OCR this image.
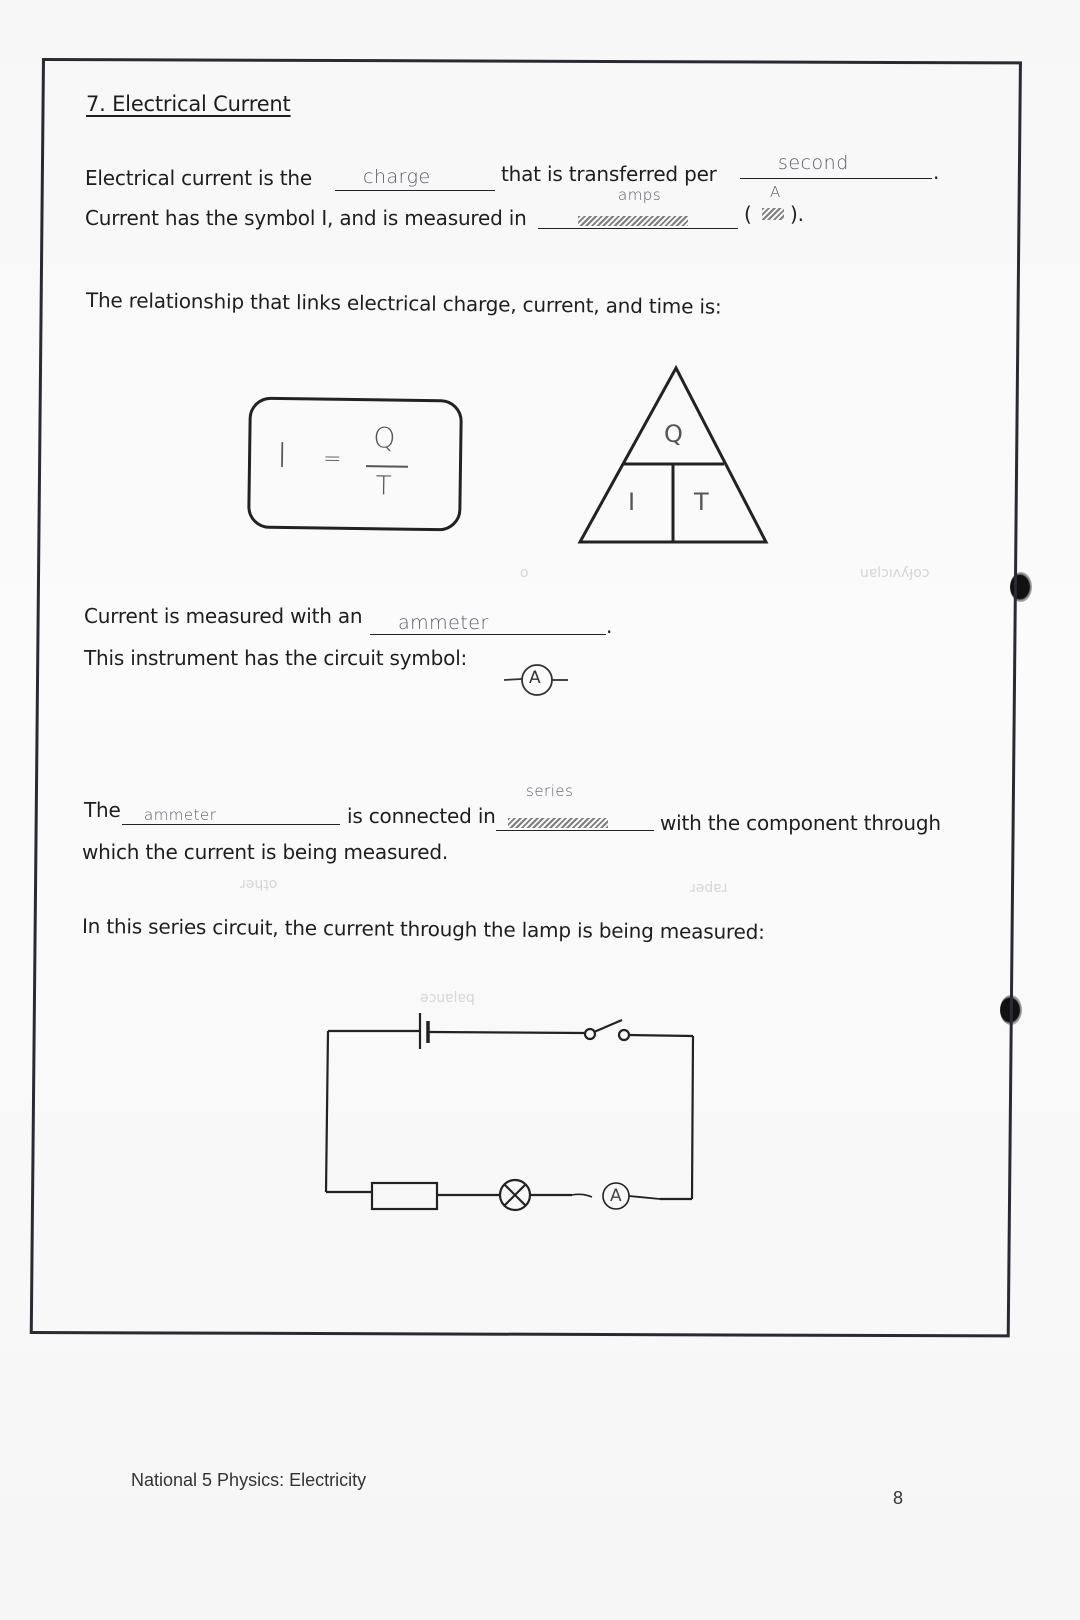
o	uɐlɔıʌʎɟoɔ
ɹǝɥʇo	ɹǝdɐɹ
ǝɔuɐlɐq
7. Electrical Current
Electrical current is the	charge	that is transferred per	second	.
Current has the symbol I, and is measured in
amps
(
A
).
The relationship that links electrical charge, current, and time is:
I =
Q
T
Q
I T
Current is measured with an ammeter	.
This instrument has the circuit symbol:
A
The ammeter	is connected in
series
with the component through
which the current is being measured.
In this series circuit, the current through the lamp is being measured:
A
National 5 Physics: Electricity
8
